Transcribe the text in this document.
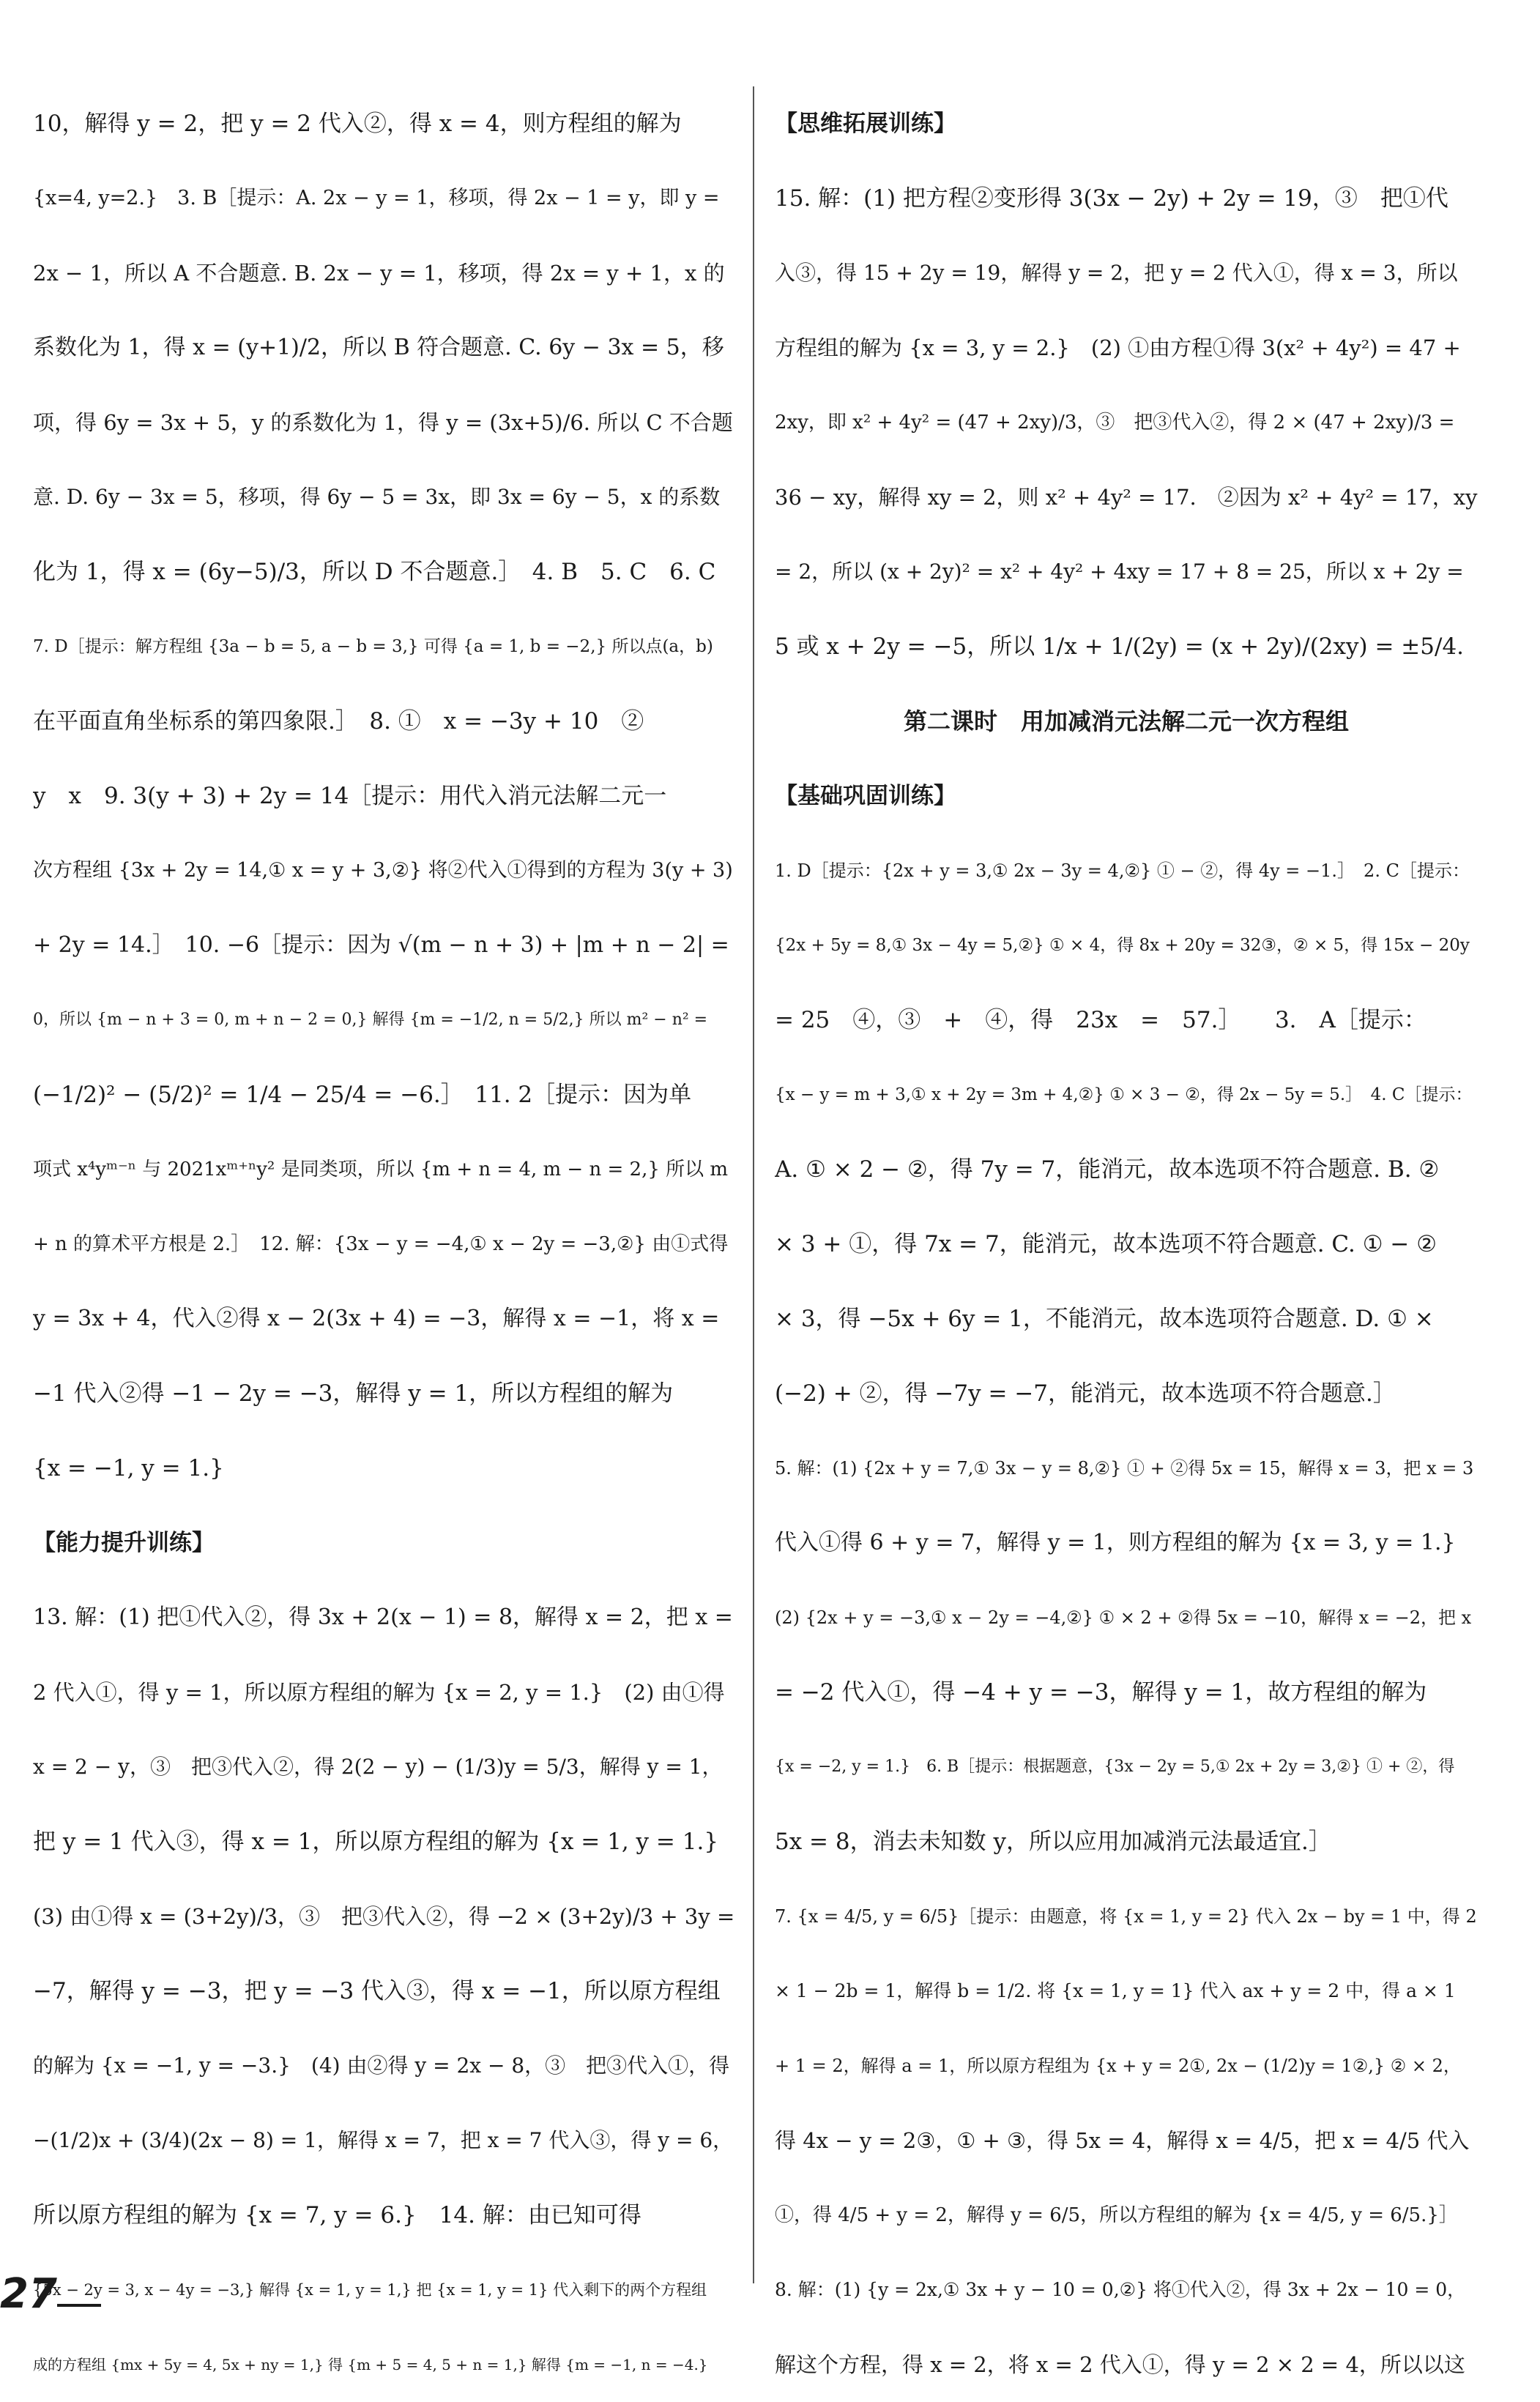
10，解得 y = 2，把 y = 2 代入②，得 x = 4，则方程组的解为
{x=4, y=2.}　3. B［提示：A. 2x − y = 1，移项，得 2x − 1 = y，即 y =
2x − 1，所以 A 不合题意. B. 2x − y = 1，移项，得 2x = y + 1，x 的
系数化为 1，得 x = (y+1)/2，所以 B 符合题意. C. 6y − 3x = 5，移
项，得 6y = 3x + 5，y 的系数化为 1，得 y = (3x+5)/6. 所以 C 不合题
意. D. 6y − 3x = 5，移项，得 6y − 5 = 3x，即 3x = 6y − 5，x 的系数
化为 1，得 x = (6y−5)/3，所以 D 不合题意.］　4. B　5. C　6. C
7. D［提示：解方程组 {3a − b = 5, a − b = 3,} 可得 {a = 1, b = −2,} 所以点(a，b)
在平面直角坐标系的第四象限.］　8. ①　x = −3y + 10　②
y　x　9. 3(y + 3) + 2y = 14［提示：用代入消元法解二元一
次方程组 {3x + 2y = 14,① x = y + 3,②} 将②代入①得到的方程为 3(y + 3)
+ 2y = 14.］　10. −6［提示：因为 √(m − n + 3) + |m + n − 2| =
0，所以 {m − n + 3 = 0, m + n − 2 = 0,} 解得 {m = −1/2, n = 5/2,} 所以 m² − n² =
(−1/2)² − (5/2)² = 1/4 − 25/4 = −6.］　11. 2［提示：因为单
项式 x⁴yᵐ⁻ⁿ 与 2021xᵐ⁺ⁿy² 是同类项，所以 {m + n = 4, m − n = 2,} 所以 m
+ n 的算术平方根是 2.］　12. 解：{3x − y = −4,① x − 2y = −3,②} 由①式得
y = 3x + 4，代入②得 x − 2(3x + 4) = −3，解得 x = −1，将 x =
−1 代入②得 −1 − 2y = −3，解得 y = 1，所以方程组的解为
{x = −1, y = 1.}
【能力提升训练】
13. 解：(1) 把①代入②，得 3x + 2(x − 1) = 8，解得 x = 2，把 x =
2 代入①，得 y = 1，所以原方程组的解为 {x = 2, y = 1.}　(2) 由①得
x = 2 − y，③　把③代入②，得 2(2 − y) − (1/3)y = 5/3，解得 y = 1，
把 y = 1 代入③，得 x = 1，所以原方程组的解为 {x = 1, y = 1.}
(3) 由①得 x = (3+2y)/3，③　把③代入②，得 −2 × (3+2y)/3 + 3y =
−7，解得 y = −3，把 y = −3 代入③，得 x = −1，所以原方程组
的解为 {x = −1, y = −3.}　(4) 由②得 y = 2x − 8，③　把③代入①，得
−(1/2)x + (3/4)(2x − 8) = 1，解得 x = 7，把 x = 7 代入③，得 y = 6，
所以原方程组的解为 {x = 7, y = 6.}　14. 解：由已知可得
{5x − 2y = 3, x − 4y = −3,} 解得 {x = 1, y = 1,} 把 {x = 1, y = 1} 代入剩下的两个方程组
成的方程组 {mx + 5y = 4, 5x + ny = 1,} 得 {m + 5 = 4, 5 + n = 1,} 解得 {m = −1, n = −4.}
【思维拓展训练】
15. 解：(1) 把方程②变形得 3(3x − 2y) + 2y = 19，③　把①代
入③，得 15 + 2y = 19，解得 y = 2，把 y = 2 代入①，得 x = 3，所以
方程组的解为 {x = 3, y = 2.}　(2) ①由方程①得 3(x² + 4y²) = 47 +
2xy，即 x² + 4y² = (47 + 2xy)/3，③　把③代入②，得 2 × (47 + 2xy)/3 =
36 − xy，解得 xy = 2，则 x² + 4y² = 17.　②因为 x² + 4y² = 17，xy
= 2，所以 (x + 2y)² = x² + 4y² + 4xy = 17 + 8 = 25，所以 x + 2y =
5 或 x + 2y = −5，所以 1/x + 1/(2y) = (x + 2y)/(2xy) = ±5/4.
第二课时　用加减消元法解二元一次方程组
【基础巩固训练】
1. D［提示：{2x + y = 3,① 2x − 3y = 4,②} ① − ②，得 4y = −1.］　2. C［提示：
{2x + 5y = 8,① 3x − 4y = 5,②} ① × 4，得 8x + 20y = 32③，② × 5，得 15x − 20y
= 25　④，③　+　④，得　23x　=　57.］　　3.　A［提示：
{x − y = m + 3,① x + 2y = 3m + 4,②} ① × 3 − ②，得 2x − 5y = 5.］　4. C［提示：
A. ① × 2 − ②，得 7y = 7，能消元，故本选项不符合题意. B. ②
× 3 + ①，得 7x = 7，能消元，故本选项不符合题意. C. ① − ②
× 3，得 −5x + 6y = 1，不能消元，故本选项符合题意. D. ① ×
(−2) + ②，得 −7y = −7，能消元，故本选项不符合题意.］
5. 解：(1) {2x + y = 7,① 3x − y = 8,②} ① + ②得 5x = 15，解得 x = 3，把 x = 3
代入①得 6 + y = 7，解得 y = 1，则方程组的解为 {x = 3, y = 1.}
(2) {2x + y = −3,① x − 2y = −4,②} ① × 2 + ②得 5x = −10，解得 x = −2，把 x
= −2 代入①，得 −4 + y = −3，解得 y = 1，故方程组的解为
{x = −2, y = 1.}　6. B［提示：根据题意，{3x − 2y = 5,① 2x + 2y = 3,②} ① + ②，得
5x = 8，消去未知数 y，所以应用加减消元法最适宜.］
7. {x = 4/5, y = 6/5}［提示：由题意，将 {x = 1, y = 2} 代入 2x − by = 1 中，得 2
× 1 − 2b = 1，解得 b = 1/2. 将 {x = 1, y = 1} 代入 ax + y = 2 中，得 a × 1
+ 1 = 2，解得 a = 1，所以原方程组为 {x + y = 2①, 2x − (1/2)y = 1②,} ② × 2，
得 4x − y = 2③，① + ③，得 5x = 4，解得 x = 4/5，把 x = 4/5 代入
①，得 4/5 + y = 2，解得 y = 6/5，所以方程组的解为 {x = 4/5, y = 6/5.}］
8. 解：(1) {y = 2x,① 3x + y − 10 = 0,②} 将①代入②，得 3x + 2x − 10 = 0，
解这个方程，得 x = 2，将 x = 2 代入①，得 y = 2 × 2 = 4，所以以这
27
